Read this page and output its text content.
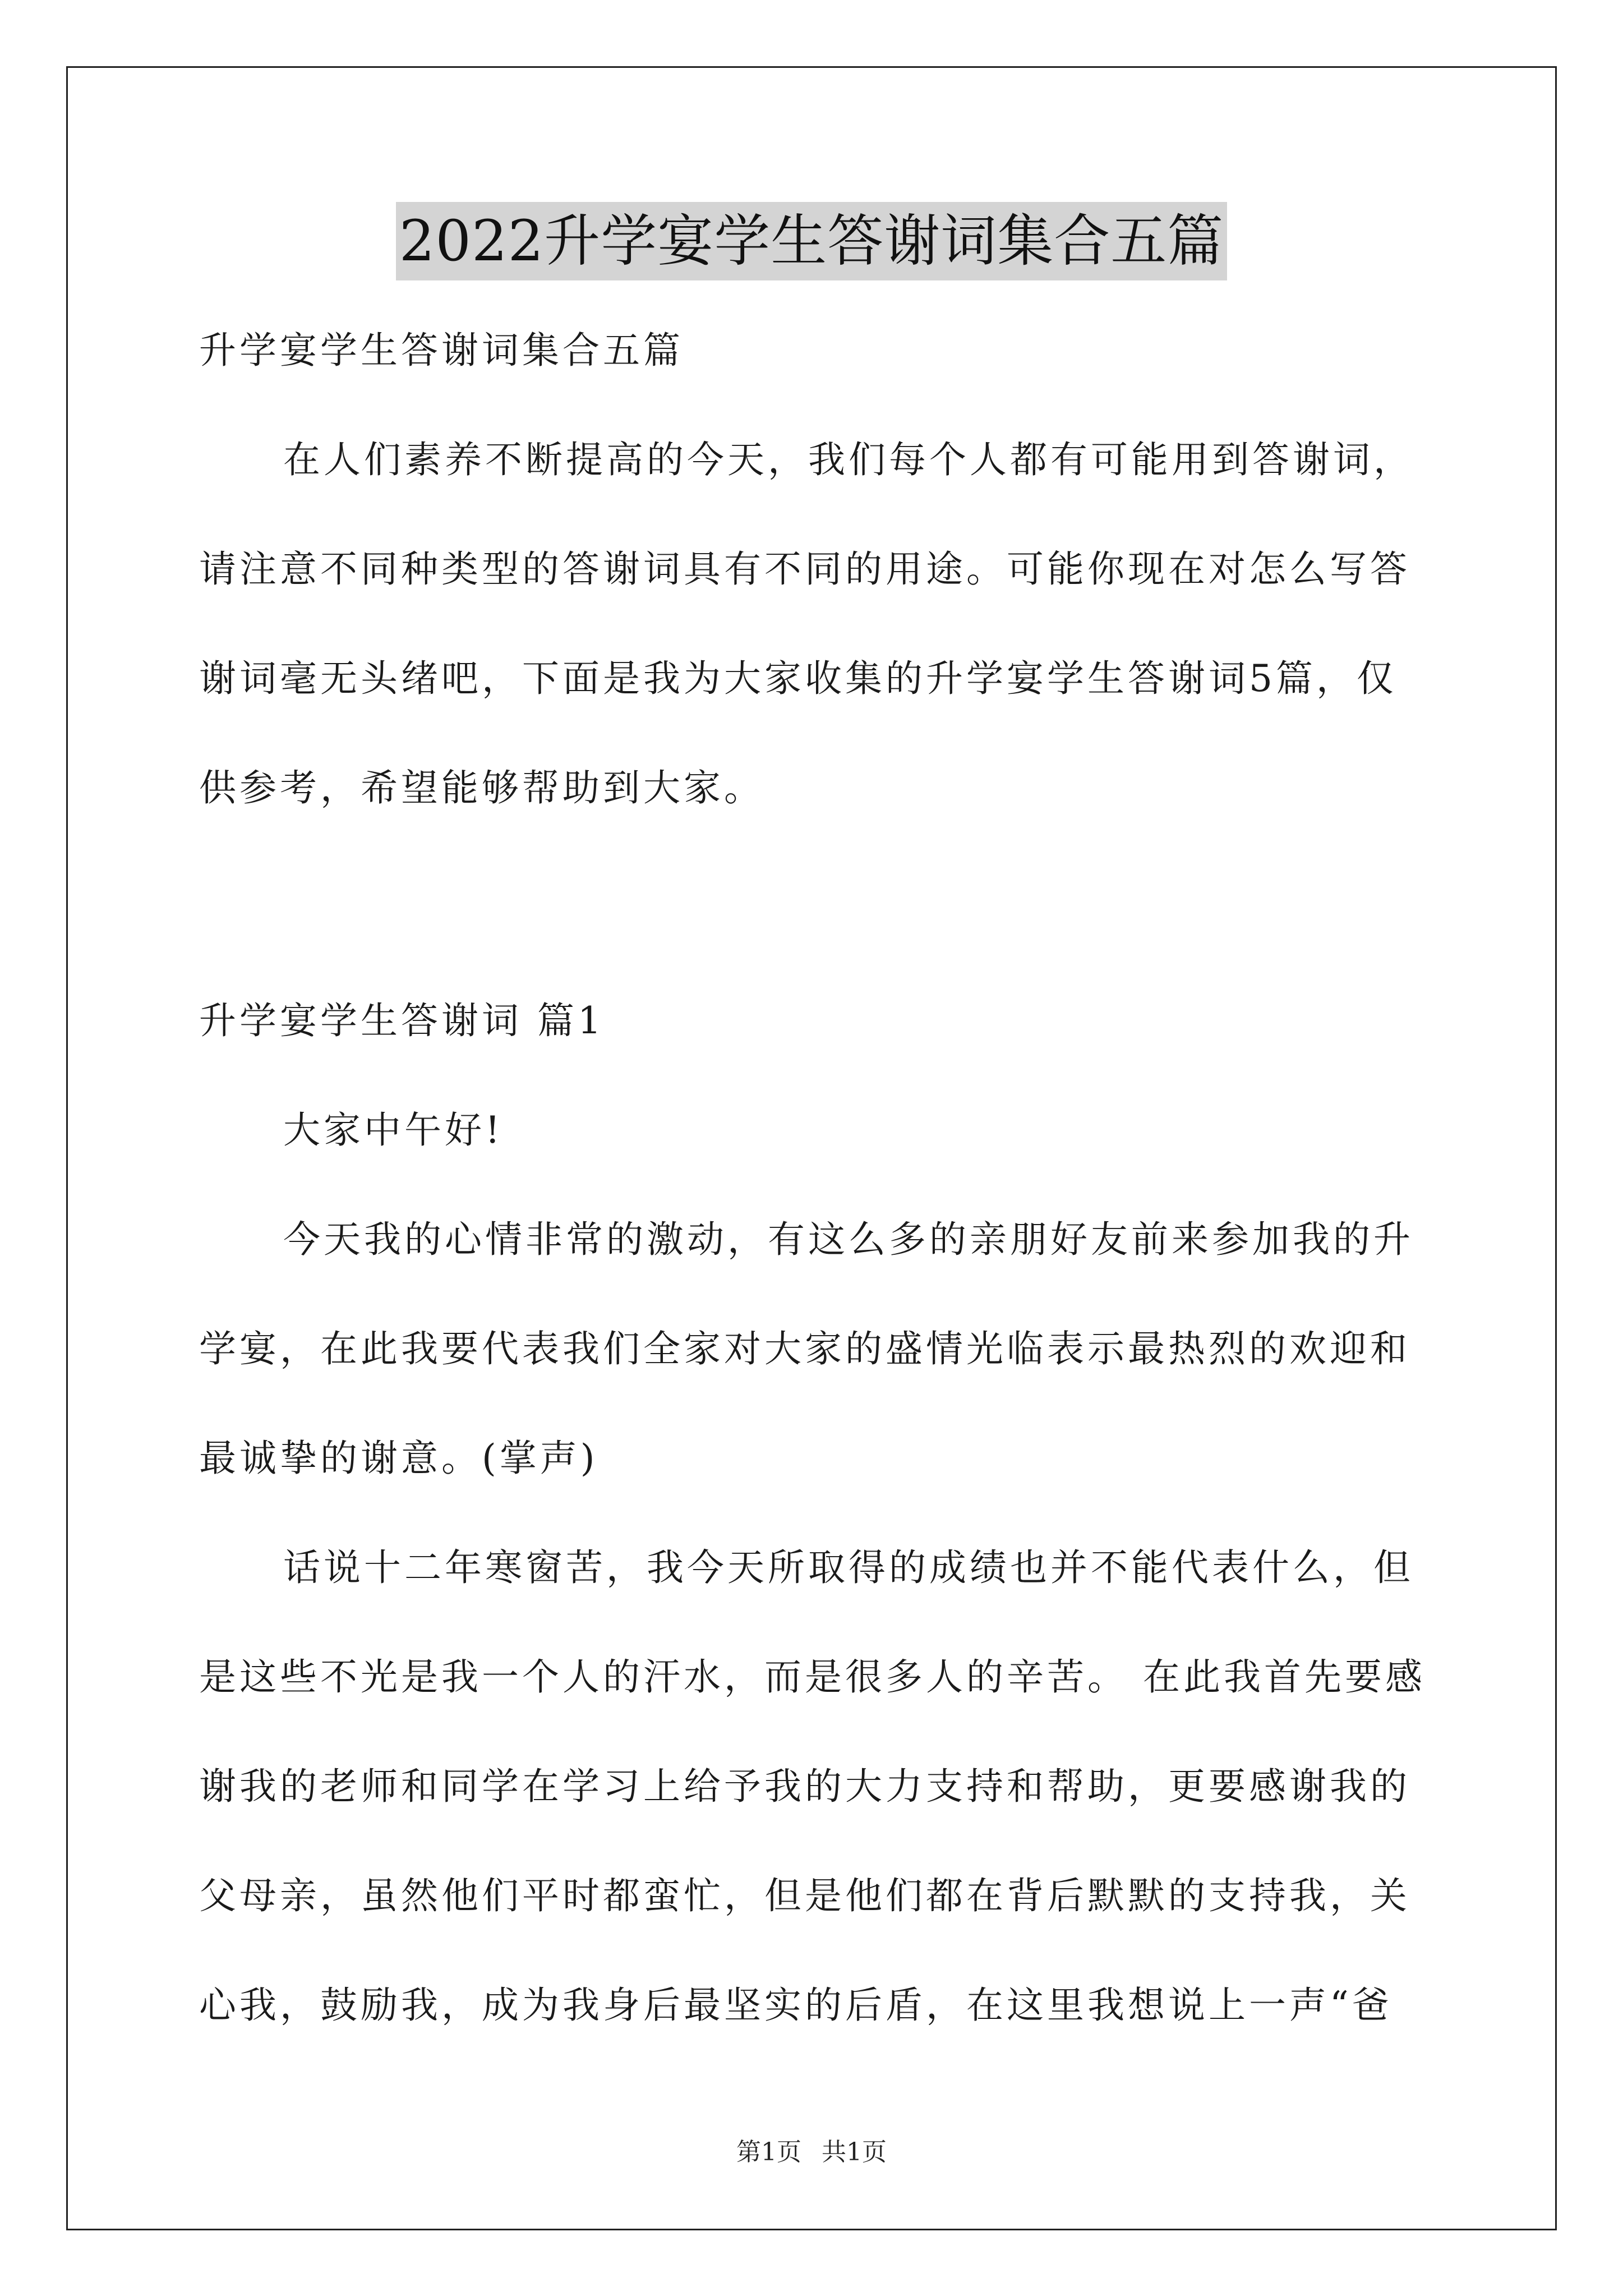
2022升学宴学生答谢词集合五篇
升学宴学生答谢词集合五篇
在人们素养不断提高的今天，我们每个人都有可能用到答谢词，
请注意不同种类型的答谢词具有不同的用途。可能你现在对怎么写答
谢词毫无头绪吧，下面是我为大家收集的升学宴学生答谢词5篇，仅
供参考，希望能够帮助到大家。
升学宴学生答谢词 篇1
大家中午好!
今天我的心情非常的激动，有这么多的亲朋好友前来参加我的升
学宴，在此我要代表我们全家对大家的盛情光临表示最热烈的欢迎和
最诚挚的谢意。(掌声)
话说十二年寒窗苦，我今天所取得的成绩也并不能代表什么，但
是这些不光是我一个人的汗水，而是很多人的辛苦。 在此我首先要感
谢我的老师和同学在学习上给予我的大力支持和帮助，更要感谢我的
父母亲，虽然他们平时都蛮忙，但是他们都在背后默默的支持我，关
心我，鼓励我，成为我身后最坚实的后盾，在这里我想说上一声“爸
第1页 共1页
